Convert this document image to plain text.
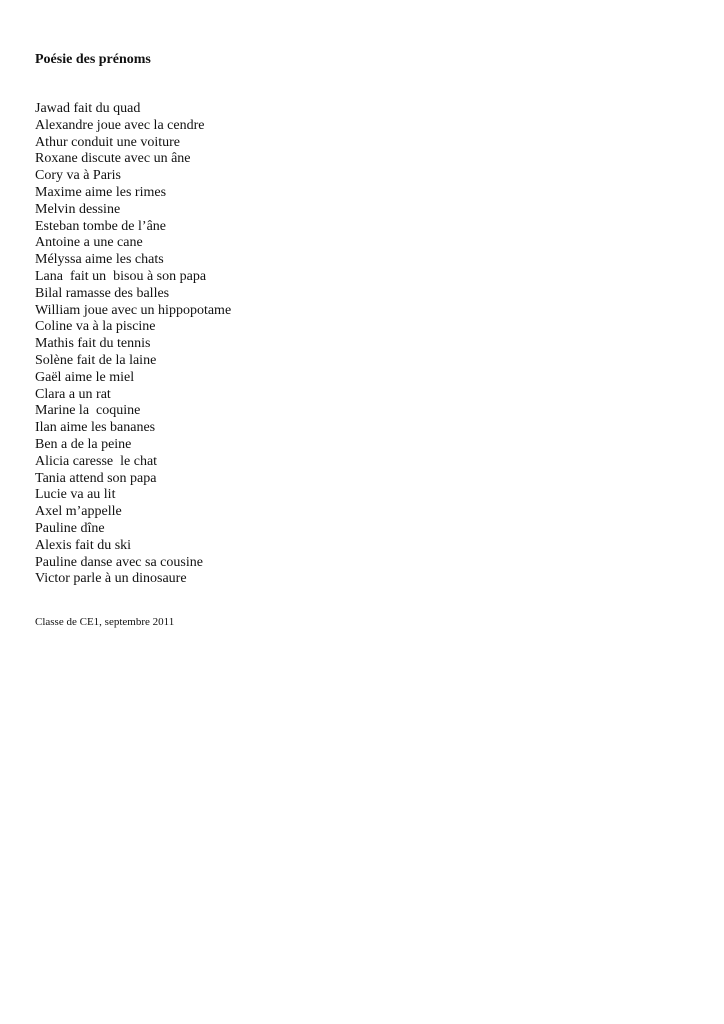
Poésie des prénoms
Jawad fait du quad
Alexandre joue avec la cendre
Athur conduit une voiture
Roxane discute avec un âne
Cory va à Paris
Maxime aime les rimes
Melvin dessine
Esteban tombe de l’âne
Antoine a une cane
Mélyssa aime les chats
Lana  fait un  bisou à son papa
Bilal ramasse des balles
William joue avec un hippopotame
Coline va à la piscine
Mathis fait du tennis
Solène fait de la laine
Gaël aime le miel
Clara a un rat
Marine la  coquine
Ilan aime les bananes
Ben a de la peine
Alicia caresse  le chat
Tania attend son papa
Lucie va au lit
Axel m’appelle
Pauline dîne
Alexis fait du ski
Pauline danse avec sa cousine
Victor parle à un dinosaure
Classe de CE1, septembre 2011
